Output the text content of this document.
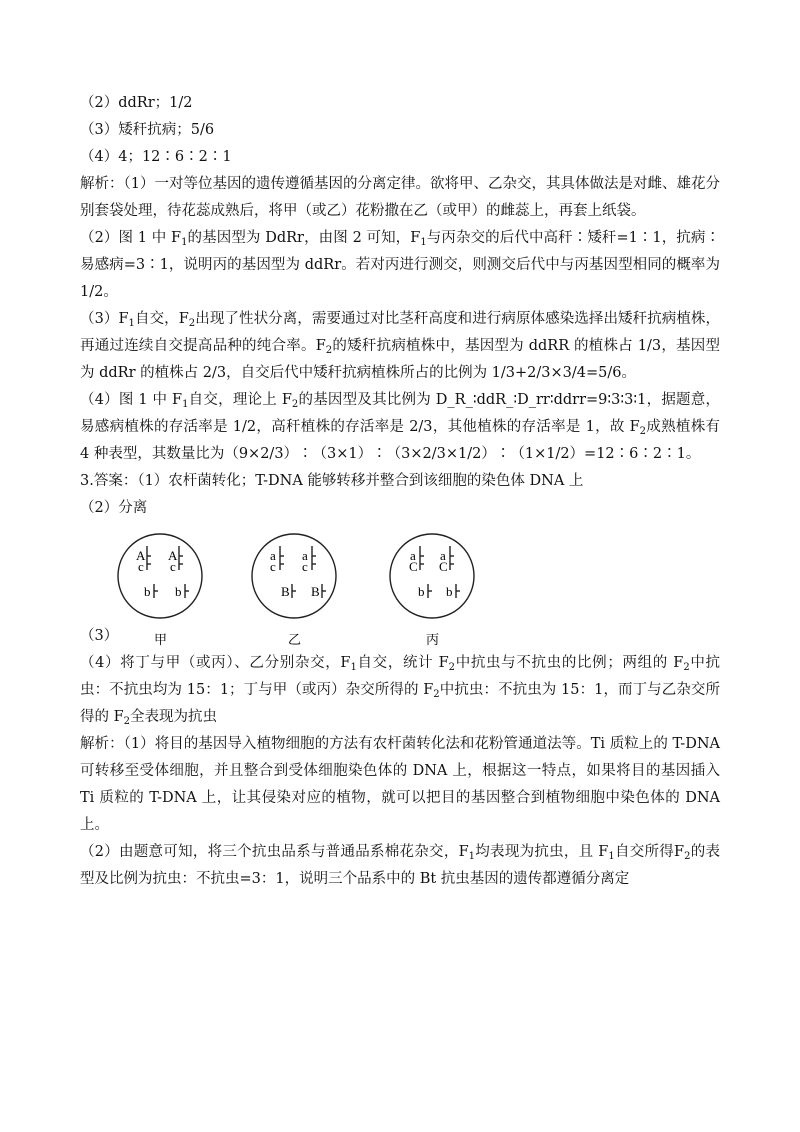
（2）ddRr；1/2
（3）矮秆抗病；5/6
（4）4；12∶6∶2∶1
解析：（1）一对等位基因的遗传遵循基因的分离定律。欲将甲、乙杂交，其具体做法是对雌、雄花分别套袋处理，待花蕊成熟后，将甲（或乙）花粉撒在乙（或甲）的雌蕊上，再套上纸袋。
（2）图 1 中 $F_1$的基因型为 DdRr，由图 2 可知，$F_1$与丙杂交的后代中高秆∶矮秆=1∶1，抗病∶易感病=3∶1，说明丙的基因型为 ddRr。若对丙进行测交，则测交后代中与丙基因型相同的概率为 1/2。
$(3)F_1$自交，$F_2$出现了性状分离，需要通过对比茎秆高度和进行病原体感染选择出矮秆抗病植株，再通过连续自交提高品种的纯合率。$F_2$的矮秆抗病植株中，基因型为 ddRR 的植株占 1/3，基因型为 ddRr 的植株占 2/3，自交后代中矮秆抗病植株所占的比例为 1/3+2/3×3/4=5/6。
（4）图 1 中 $F_1$自交，理论上 $F_2$的基因型及其比例为 D_R_∶ddR_∶D_rr∶ddrr=9∶3∶3∶1，据题意，易感病植株的存活率是 1/2，高秆植株的存活率是 2/3，其他植株的存活率是 1，故 $F_2$成熟植株有 4 种表型，其数量比为（9×2/3）∶（3×1）∶（3×2/3×1/2）∶（1×1/2）=12∶6∶2∶1。
3.答案：（1）农杆菌转化；T-DNA 能够转移并整合到该细胞的染色体 DNA 上
（2）分离
（3）
A A
c c
b b
甲
a a
c c
B B
乙
a a
C C
b b
丙
（4）将丁与甲（或丙）、乙分别杂交，$F_1$自交，统计 $F_2$中抗虫与不抗虫的比例；两组的 $F_2$中抗虫：不抗虫均为 15：1；丁与甲（或丙）杂交所得的 $F_2$中抗虫：不抗虫为 15：1，而丁与乙杂交所得的 $F_2$全表现为抗虫
解析：（1）将目的基因导入植物细胞的方法有农杆菌转化法和花粉管通道法等。Ti 质粒上的 T-DNA 可转移至受体细胞，并且整合到受体细胞染色体的 DNA 上，根据这一特点，如果将目的基因插入 Ti 质粒的 T-DNA 上，让其侵染对应的植物，就可以把目的基因整合到植物细胞中染色体的 DNA 上。
（2）由题意可知，将三个抗虫品系与普通品系棉花杂交，$F_1$均表现为抗虫，且 $F_1$自交所得$F_2$的表型及比例为抗虫：不抗虫=3：1，说明三个品系中的 Bt 抗虫基因的遗传都遵循分离定
